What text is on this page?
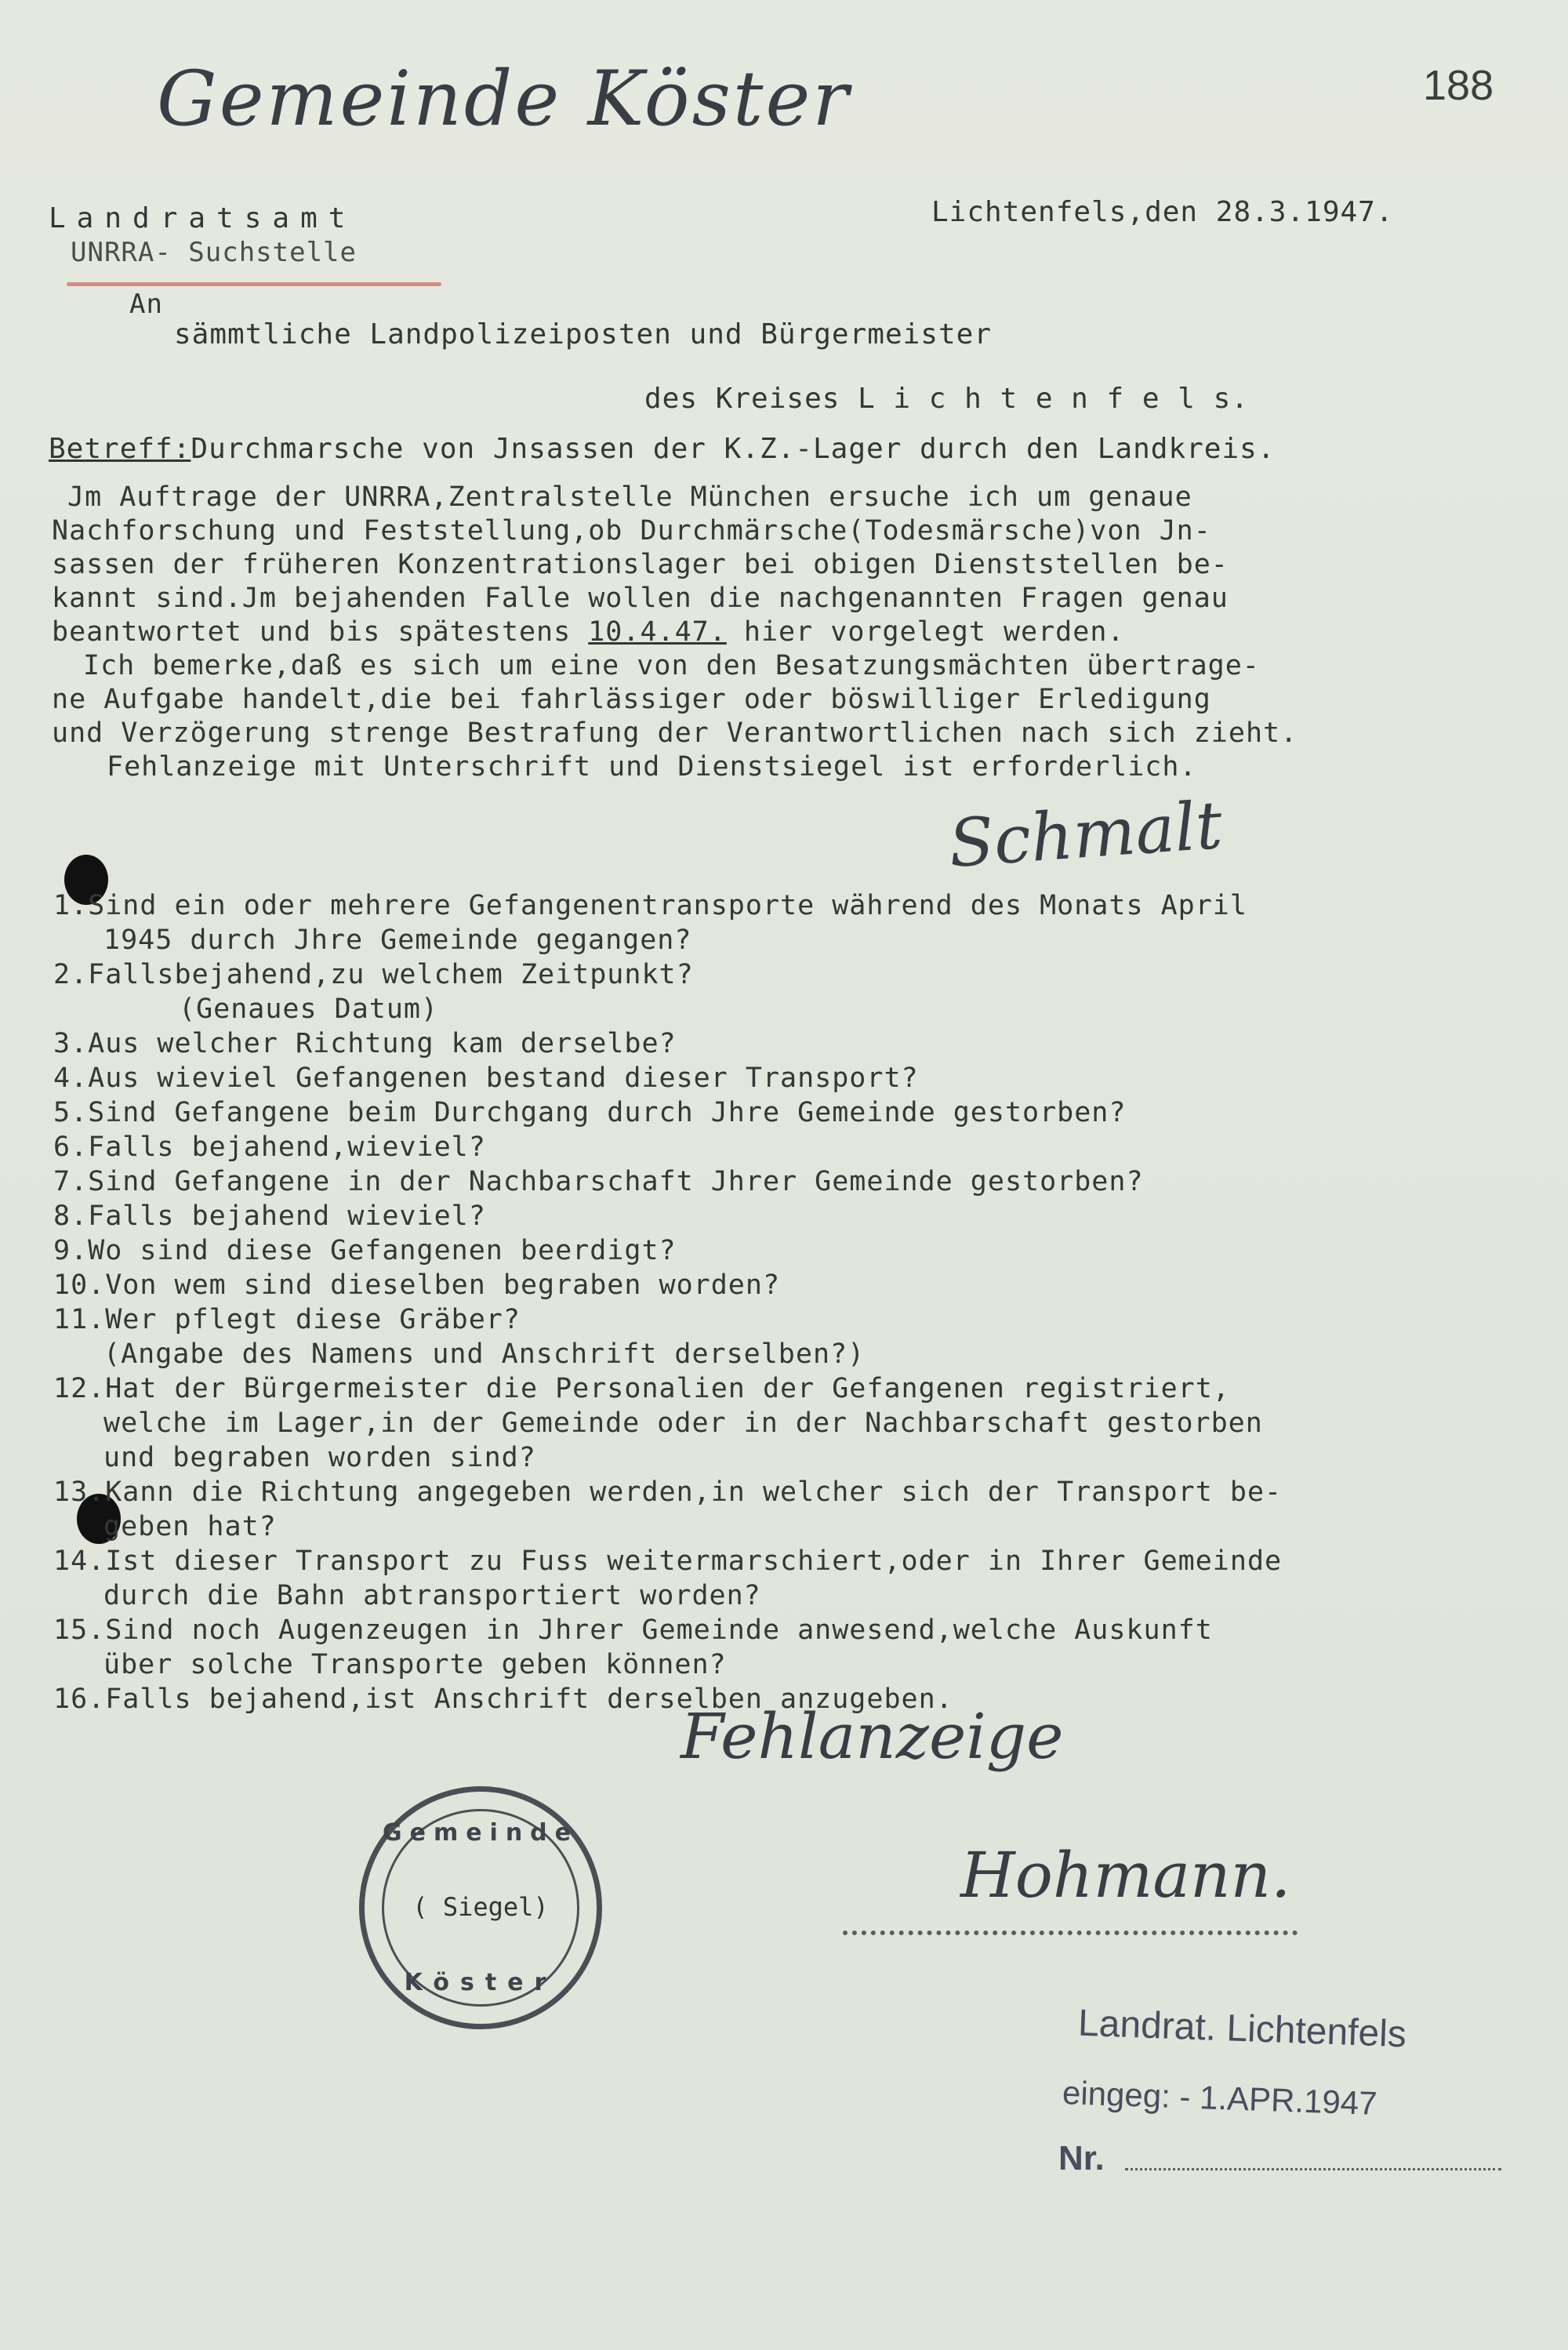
Gemeinde Köster	188
Landratsamt
UNRRA- Suchstelle
Lichtenfels,den 28.3.1947.
An
sämmtliche Landpolizeiposten und Bürgermeister
des Kreises L i c h t e n f e l s.
Betreff:Durchmarsche von Jnsassen der K.Z.-Lager durch den Landkreis.
Jm Auftrage der UNRRA,Zentralstelle München ersuche ich um genaue
Nachforschung und Feststellung,ob Durchmärsche(Todesmärsche)von Jn-
sassen der früheren Konzentrationslager bei obigen Dienststellen be-
kannt sind.Jm bejahenden Falle wollen die nachgenannten Fragen genau
beantwortet und bis spätestens 10.4.47. hier vorgelegt werden.
Ich bemerke,daß es sich um eine von den Besatzungsmächten übertrage-
ne Aufgabe handelt,die bei fahrlässiger oder böswilliger Erledigung
und Verzögerung strenge Bestrafung der Verantwortlichen nach sich zieht.
Fehlanzeige mit Unterschrift und Dienstsiegel ist erforderlich.
Schmalt
1.Sind ein oder mehrere Gefangenentransporte während des Monats April
1945 durch Jhre Gemeinde gegangen?
2.Fallsbejahend,zu welchem Zeitpunkt?
(Genaues Datum)
3.Aus welcher Richtung kam derselbe?
4.Aus wieviel Gefangenen bestand dieser Transport?
5.Sind Gefangene beim Durchgang durch Jhre Gemeinde gestorben?
6.Falls bejahend,wieviel?
7.Sind Gefangene in der Nachbarschaft Jhrer Gemeinde gestorben?
8.Falls bejahend wieviel?
9.Wo sind diese Gefangenen beerdigt?
10.Von wem sind dieselben begraben worden?
11.Wer pflegt diese Gräber?
(Angabe des Namens und Anschrift derselben?)
12.Hat der Bürgermeister die Personalien der Gefangenen registriert,
welche im Lager,in der Gemeinde oder in der Nachbarschaft gestorben
und begraben worden sind?
13.Kann die Richtung angegeben werden,in welcher sich der Transport be-
geben hat?
14.Ist dieser Transport zu Fuss weitermarschiert,oder in Ihrer Gemeinde
durch die Bahn abtransportiert worden?
15.Sind noch Augenzeugen in Jhrer Gemeinde anwesend,welche Auskunft
über solche Transporte geben können?
16.Falls bejahend,ist Anschrift derselben anzugeben.
Fehlanzeige
Hohmann.
Gemeinde
( Siegel)
Köster
Landrat. Lichtenfels
eingeg: - 1.APR.1947
Nr.
